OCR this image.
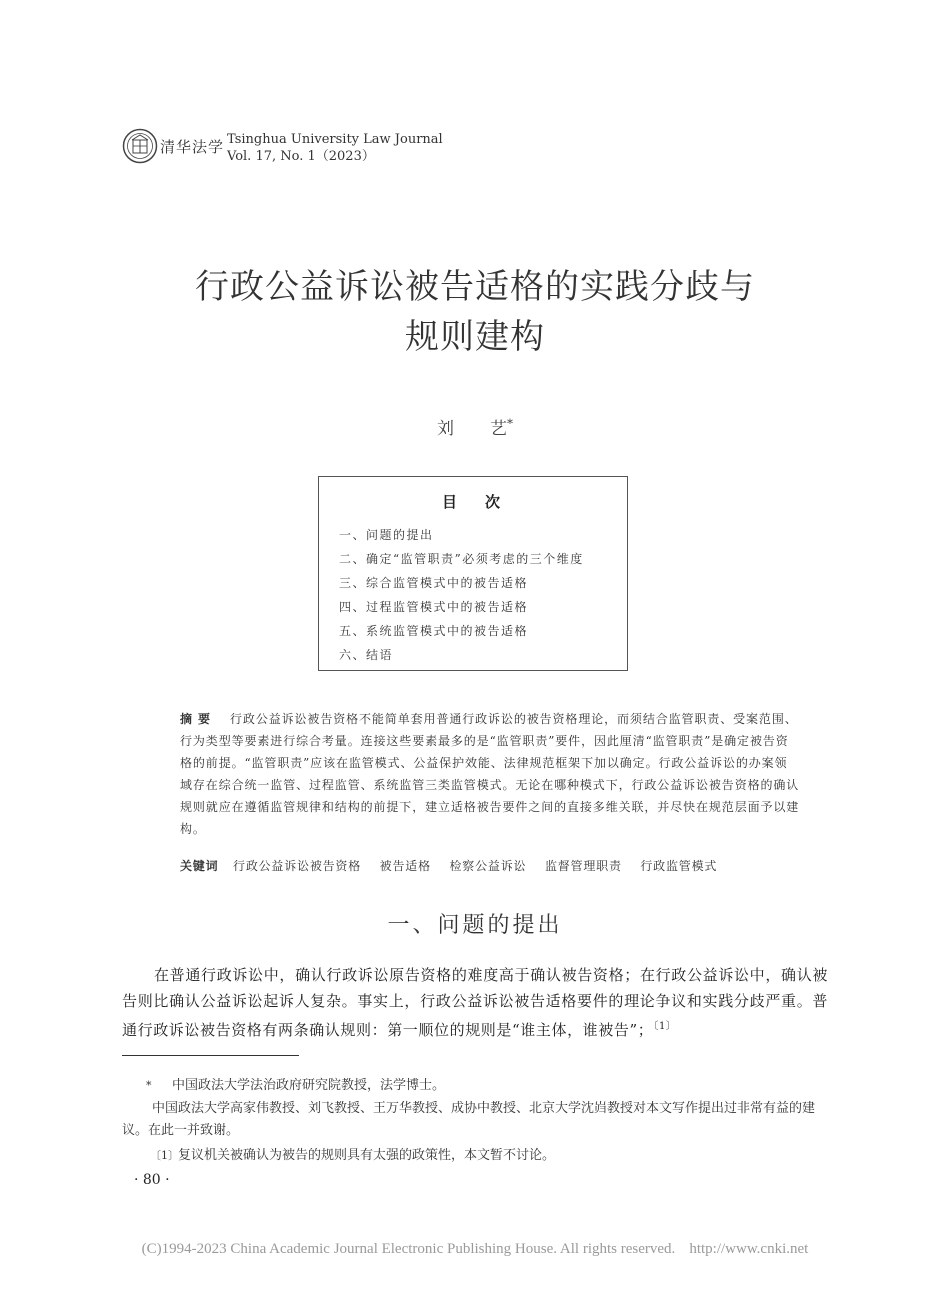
清华法学 Tsinghua University Law Journal
Vol. 17, No. 1（2023）
行政公益诉讼被告适格的实践分歧与
规则建构
刘 艺*
目 次
一、问题的提出
二、确定“监管职责”必须考虑的三个维度
三、综合监管模式中的被告适格
四、过程监管模式中的被告适格
五、系统监管模式中的被告适格
六、结语
摘要 行政公益诉讼被告资格不能简单套用普通行政诉讼的被告资格理论，而须结合监管职责、受案范围、行为类型等要素进行综合考量。连接这些要素最多的是“监管职责”要件，因此厘清“监管职责”是确定被告资格的前提。“监管职责”应该在监管模式、公益保护效能、法律规范框架下加以确定。行政公益诉讼的办案领域存在综合统一监管、过程监管、系统监管三类监管模式。无论在哪种模式下，行政公益诉讼被告资格的确认规则就应在遵循监管规律和结构的前提下，建立适格被告要件之间的直接多维关联，并尽快在规范层面予以建构。
关键词 行政公益诉讼被告资格 被告适格 检察公益诉讼 监督管理职责 行政监管模式
一、问题的提出
在普通行政诉讼中，确认行政诉讼原告资格的难度高于确认被告资格；在行政公益诉讼中，确认被告则比确认公益诉讼起诉人复杂。事实上，行政公益诉讼被告适格要件的理论争议和实践分歧严重。普通行政诉讼被告资格有两条确认规则：第一顺位的规则是“谁主体，谁被告”；$^{〔1〕}$
* 中国政法大学法治政府研究院教授，法学博士。
中国政法大学高家伟教授、刘飞教授、王万华教授、成协中教授、北京大学沈岿教授对本文写作提出过非常有益的建议。在此一并致谢。
〔1〕复议机关被确认为被告的规则具有太强的政策性，本文暂不讨论。
· 80 ·
(C)1994-2023 China Academic Journal Electronic Publishing House. All rights reserved. http://www.cnki.net
